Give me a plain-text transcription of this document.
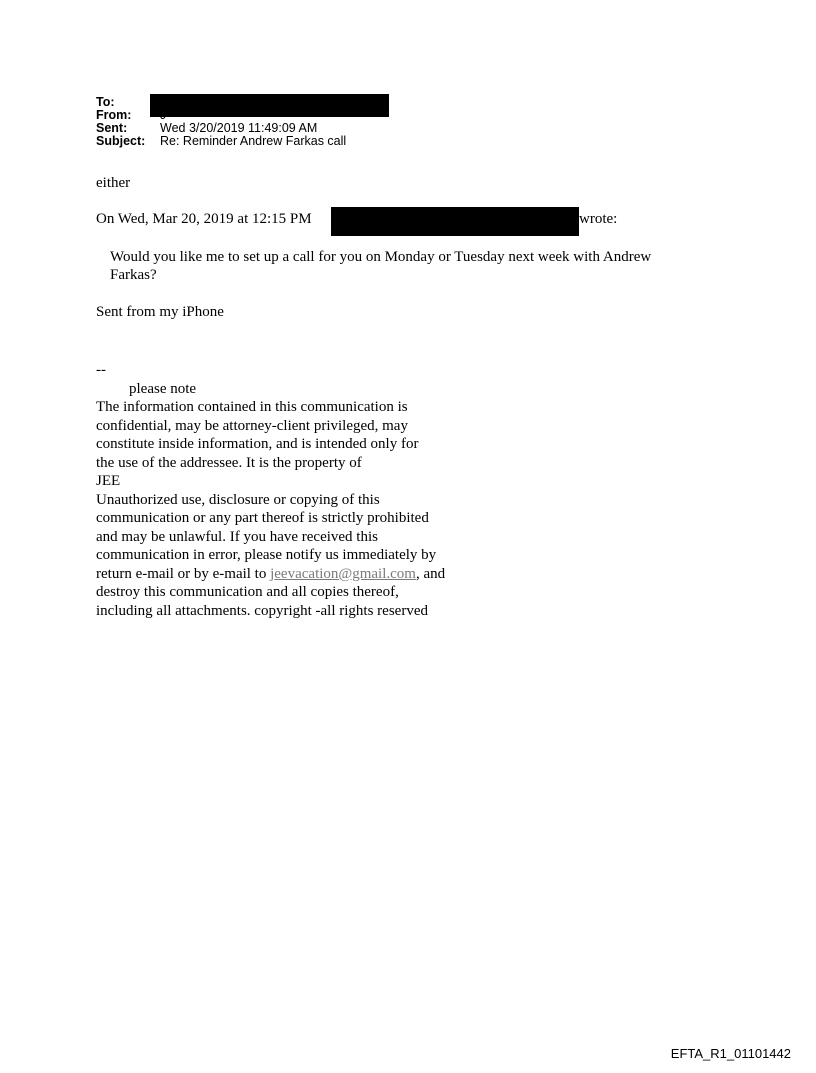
To:
From:
Sent:	Wed 3/20/2019 11:49:09 AM
Subject: Re: Reminder Andrew Farkas call
either
On Wed, Mar 20, 2019 at 12:15 PM	wrote:
Would you like me to set up a call for you on Monday or Tuesday next week with Andrew
Farkas?
Sent from my iPhone
--
please note
The information contained in this communication is
confidential, may be attorney-client privileged, may
constitute inside information, and is intended only for
the use of the addressee. It is the property of
JEE
Unauthorized use, disclosure or copying of this
communication or any part thereof is strictly prohibited
and may be unlawful. If you have received this
communication in error, please notify us immediately by
return e-mail or by e-mail to jeevacation@gmail.com, and
destroy this communication and all copies thereof,
including all attachments. copyright -all rights reserved
EFTA_R1_01101442
